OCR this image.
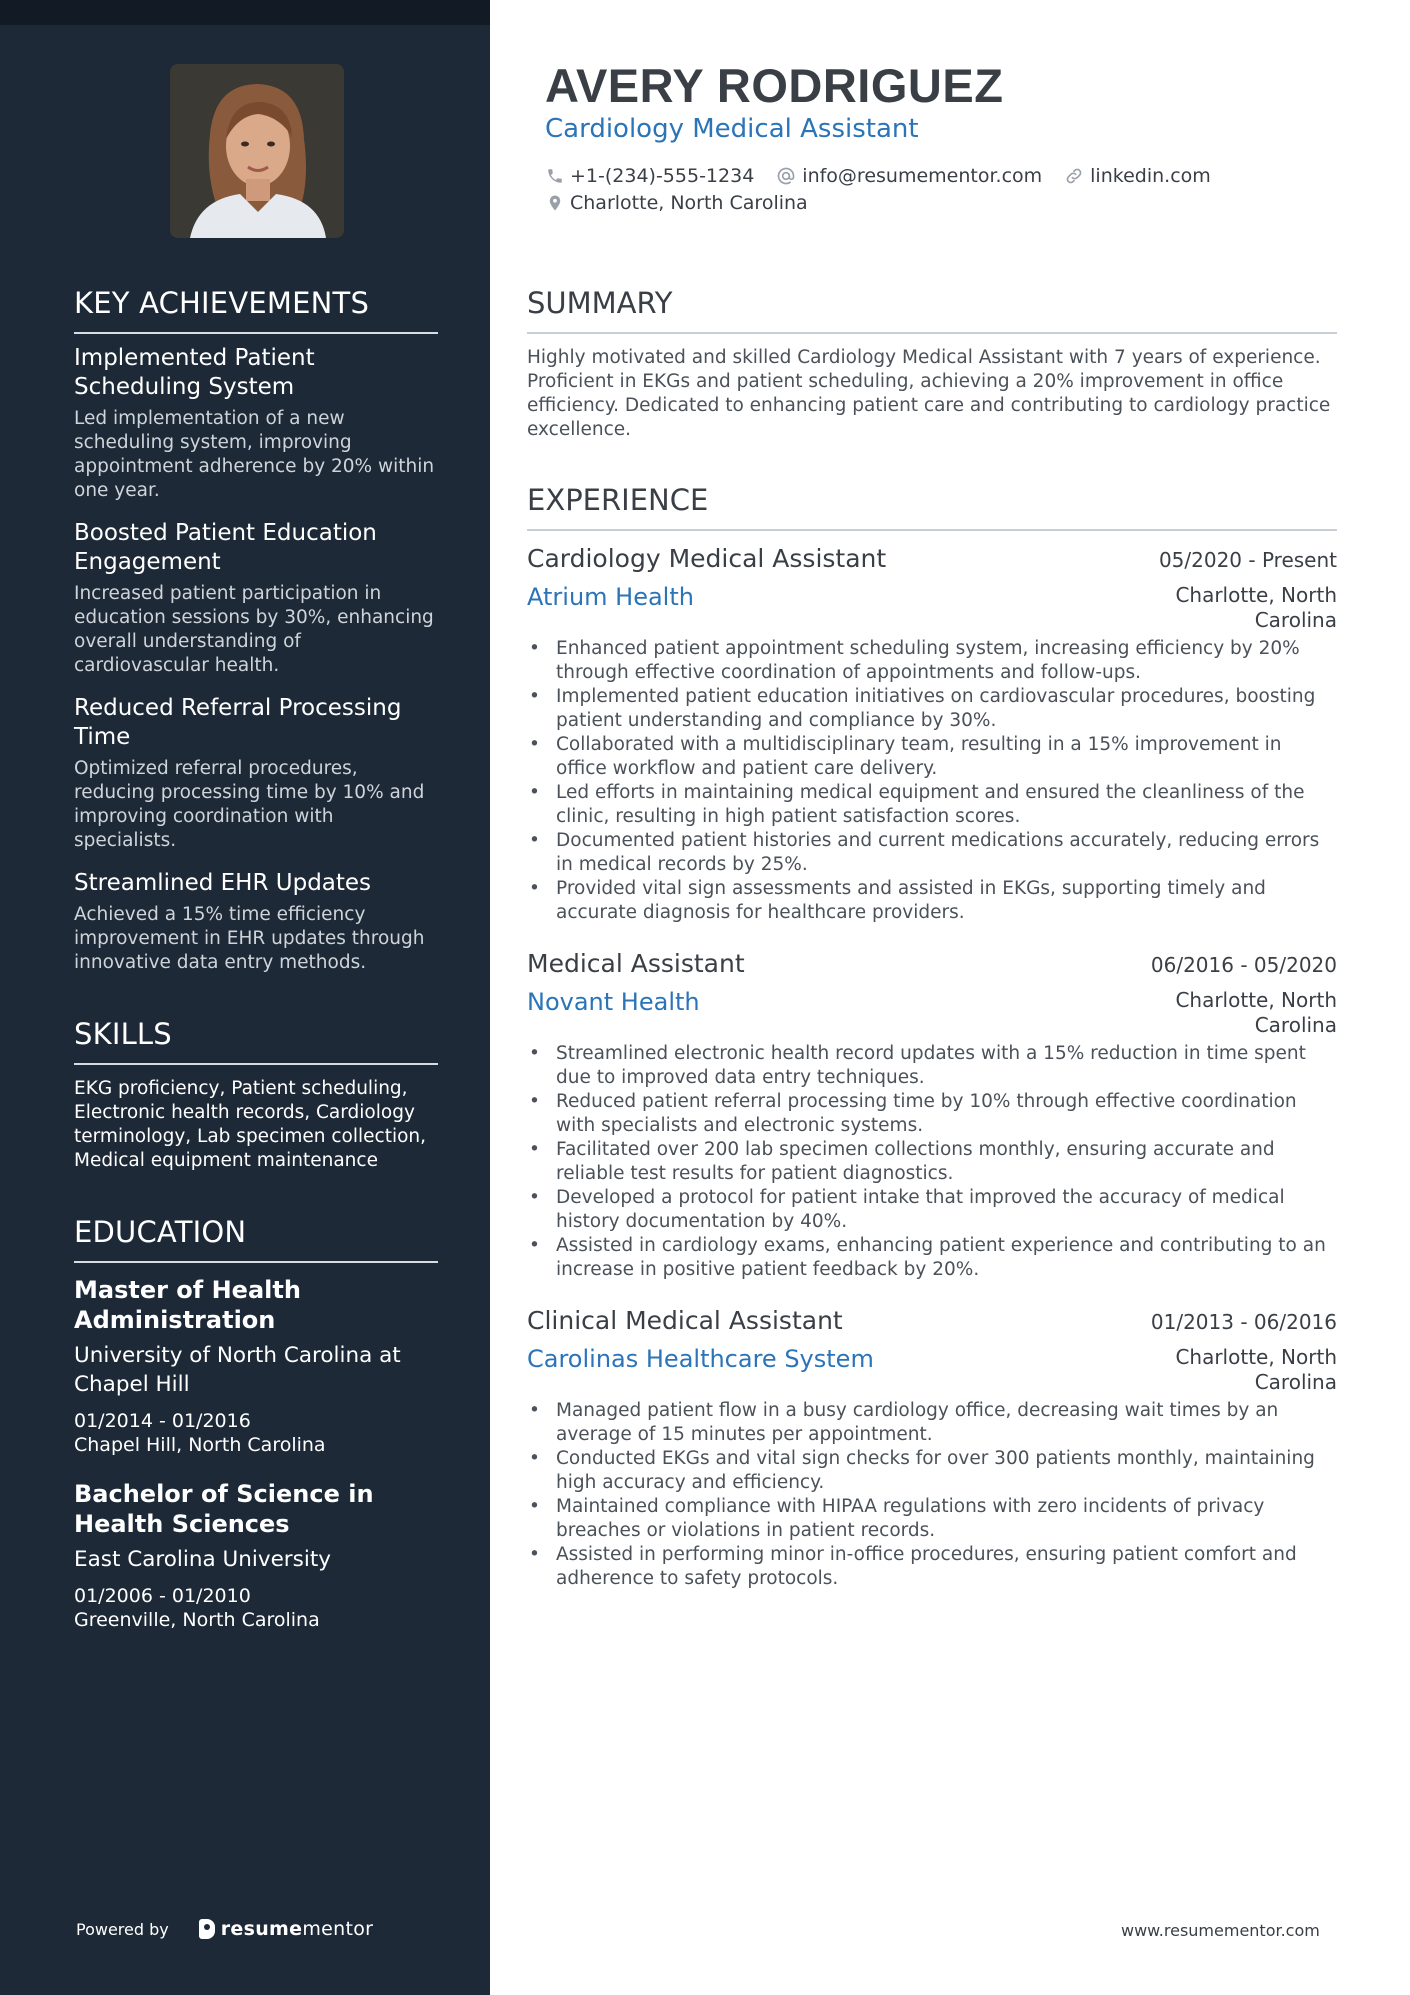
KEY ACHIEVEMENTS
Implemented Patient Scheduling System
Led implementation of a new scheduling system, improving appointment adherence by 20% within one year.
Boosted Patient Education Engagement
Increased patient participation in education sessions by 30%, enhancing overall understanding of cardiovascular health.
Reduced Referral Processing Time
Optimized referral procedures, reducing processing time by 10% and improving coordination with specialists.
Streamlined EHR Updates
Achieved a 15% time efficiency improvement in EHR updates through innovative data entry methods.
SKILLS
EKG proficiency, Patient scheduling, Electronic health records, Cardiology terminology, Lab specimen collection, Medical equipment maintenance
EDUCATION
Master of Health Administration
University of North Carolina at Chapel Hill
01/2014 - 01/2016
Chapel Hill, North Carolina
Bachelor of Science in Health Sciences
East Carolina University
01/2006 - 01/2010
Greenville, North Carolina
Powered by	resume mentor
AVERY RODRIGUEZ
Cardiology Medical Assistant
+1-(234)-555-1234	info@resumementor.com	linkedin.com
Charlotte, North Carolina
SUMMARY
Highly motivated and skilled Cardiology Medical Assistant with 7 years of experience. Proficient in EKGs and patient scheduling, achieving a 20% improvement in office efficiency. Dedicated to enhancing patient care and contributing to cardiology practice excellence.
EXPERIENCE
Cardiology Medical Assistant	05/2020 - Present
Atrium Health	Charlotte, North Carolina
• Enhanced patient appointment scheduling system, increasing efficiency by 20% through effective coordination of appointments and follow-ups.
• Implemented patient education initiatives on cardiovascular procedures, boosting patient understanding and compliance by 30%.
• Collaborated with a multidisciplinary team, resulting in a 15% improvement in office workflow and patient care delivery.
• Led efforts in maintaining medical equipment and ensured the cleanliness of the clinic, resulting in high patient satisfaction scores.
• Documented patient histories and current medications accurately, reducing errors in medical records by 25%.
• Provided vital sign assessments and assisted in EKGs, supporting timely and accurate diagnosis for healthcare providers.
Medical Assistant	06/2016 - 05/2020
Novant Health	Charlotte, North Carolina
• Streamlined electronic health record updates with a 15% reduction in time spent due to improved data entry techniques.
• Reduced patient referral processing time by 10% through effective coordination with specialists and electronic systems.
• Facilitated over 200 lab specimen collections monthly, ensuring accurate and reliable test results for patient diagnostics.
• Developed a protocol for patient intake that improved the accuracy of medical history documentation by 40%.
• Assisted in cardiology exams, enhancing patient experience and contributing to an increase in positive patient feedback by 20%.
Clinical Medical Assistant	01/2013 - 06/2016
Carolinas Healthcare System	Charlotte, North Carolina
• Managed patient flow in a busy cardiology office, decreasing wait times by an average of 15 minutes per appointment.
• Conducted EKGs and vital sign checks for over 300 patients monthly, maintaining high accuracy and efficiency.
• Maintained compliance with HIPAA regulations with zero incidents of privacy breaches or violations in patient records.
• Assisted in performing minor in-office procedures, ensuring patient comfort and adherence to safety protocols.
www.resumementor.com
